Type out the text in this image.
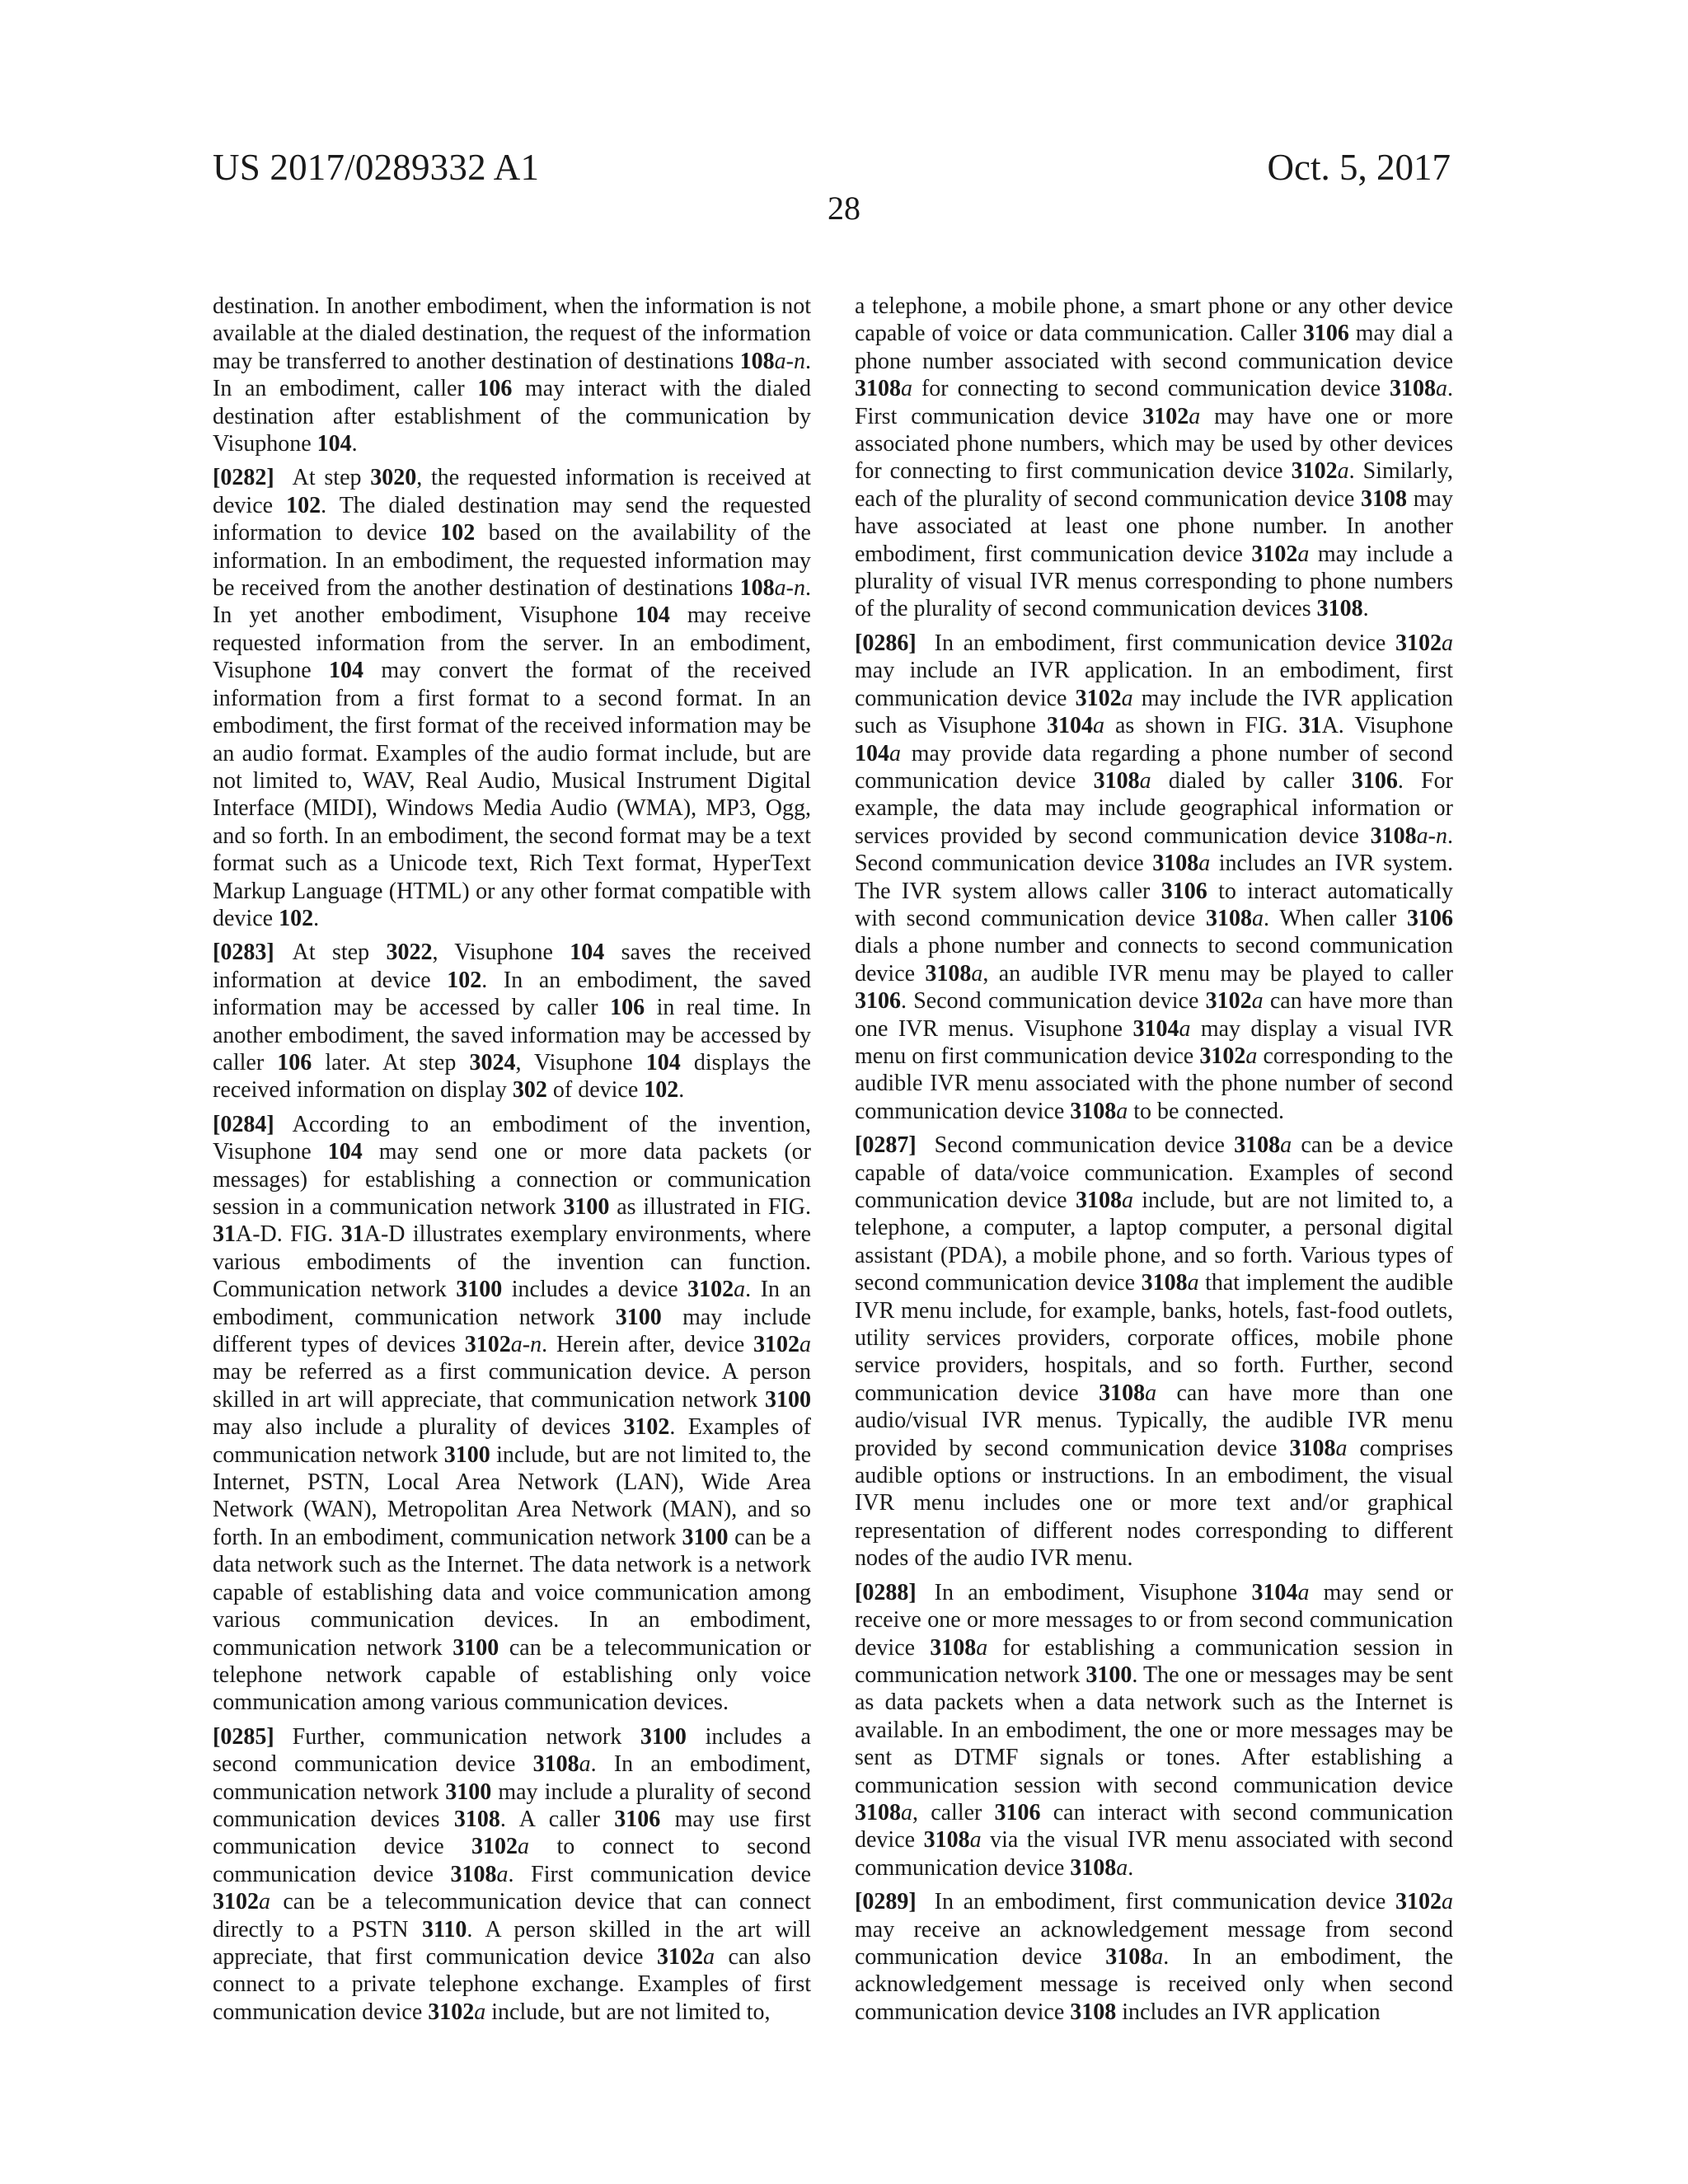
US 2017/0289332 A1	Oct. 5, 2017
28

destination. In another embodiment, when the information is not available at the dialed destination, the request of the information may be transferred to another destination of destinations 108a-n. In an embodiment, caller 106 may interact with the dialed destination after establishment of the communication by Visuphone 104.

[0282] At step 3020, the requested information is received at device 102. The dialed destination may send the requested information to device 102 based on the availability of the information. In an embodiment, the requested information may be received from the another destination of destinations 108a-n. In yet another embodiment, Visuphone 104 may receive requested information from the server. In an embodiment, Visuphone 104 may convert the format of the received information from a first format to a second format. In an embodiment, the first format of the received information may be an audio format. Examples of the audio format include, but are not limited to, WAV, Real Audio, Musical Instrument Digital Interface (MIDI), Windows Media Audio (WMA), MP3, Ogg, and so forth. In an embodiment, the second format may be a text format such as a Unicode text, Rich Text format, HyperText Markup Language (HTML) or any other format compatible with device 102.

[0283] At step 3022, Visuphone 104 saves the received information at device 102. In an embodiment, the saved information may be accessed by caller 106 in real time. In another embodiment, the saved information may be accessed by caller 106 later. At step 3024, Visuphone 104 displays the received information on display 302 of device 102.

[0284] According to an embodiment of the invention, Visuphone 104 may send one or more data packets (or messages) for establishing a connection or communication session in a communication network 3100 as illustrated in FIG. 31A-D. FIG. 31A-D illustrates exemplary environments, where various embodiments of the invention can function. Communication network 3100 includes a device 3102a. In an embodiment, communication network 3100 may include different types of devices 3102a-n. Herein after, device 3102a may be referred as a first communication device. A person skilled in art will appreciate, that communication network 3100 may also include a plurality of devices 3102. Examples of communication network 3100 include, but are not limited to, the Internet, PSTN, Local Area Network (LAN), Wide Area Network (WAN), Metropolitan Area Network (MAN), and so forth. In an embodiment, communication network 3100 can be a data network such as the Internet. The data network is a network capable of establishing data and voice communication among various communication devices. In an embodiment, communication network 3100 can be a telecommunication or telephone network capable of establishing only voice communication among various communication devices.

[0285] Further, communication network 3100 includes a second communication device 3108a. In an embodiment, communication network 3100 may include a plurality of second communication devices 3108. A caller 3106 may use first communication device 3102a to connect to second communication device 3108a. First communication device 3102a can be a telecommunication device that can connect directly to a PSTN 3110. A person skilled in the art will appreciate, that first communication device 3102a can also connect to a private telephone exchange. Examples of first communication device 3102a include, but are not limited to,

a telephone, a mobile phone, a smart phone or any other device capable of voice or data communication. Caller 3106 may dial a phone number associated with second communication device 3108a for connecting to second communication device 3108a. First communication device 3102a may have one or more associated phone numbers, which may be used by other devices for connecting to first communication device 3102a. Similarly, each of the plurality of second communication device 3108 may have associated at least one phone number. In another embodiment, first communication device 3102a may include a plurality of visual IVR menus corresponding to phone numbers of the plurality of second communication devices 3108.

[0286] In an embodiment, first communication device 3102a may include an IVR application. In an embodiment, first communication device 3102a may include the IVR application such as Visuphone 3104a as shown in FIG. 31A. Visuphone 104a may provide data regarding a phone number of second communication device 3108a dialed by caller 3106. For example, the data may include geographical information or services provided by second communication device 3108a-n. Second communication device 3108a includes an IVR system. The IVR system allows caller 3106 to interact automatically with second communication device 3108a. When caller 3106 dials a phone number and connects to second communication device 3108a, an audible IVR menu may be played to caller 3106. Second communication device 3102a can have more than one IVR menus. Visuphone 3104a may display a visual IVR menu on first communication device 3102a corresponding to the audible IVR menu associated with the phone number of second communication device 3108a to be connected.

[0287] Second communication device 3108a can be a device capable of data/voice communication. Examples of second communication device 3108a include, but are not limited to, a telephone, a computer, a laptop computer, a personal digital assistant (PDA), a mobile phone, and so forth. Various types of second communication device 3108a that implement the audible IVR menu include, for example, banks, hotels, fast-food outlets, utility services providers, corporate offices, mobile phone service providers, hospitals, and so forth. Further, second communication device 3108a can have more than one audio/visual IVR menus. Typically, the audible IVR menu provided by second communication device 3108a comprises audible options or instructions. In an embodiment, the visual IVR menu includes one or more text and/or graphical representation of different nodes corresponding to different nodes of the audio IVR menu.

[0288] In an embodiment, Visuphone 3104a may send or receive one or more messages to or from second communication device 3108a for establishing a communication session in communication network 3100. The one or messages may be sent as data packets when a data network such as the Internet is available. In an embodiment, the one or more messages may be sent as DTMF signals or tones. After establishing a communication session with second communication device 3108a, caller 3106 can interact with second communication device 3108a via the visual IVR menu associated with second communication device 3108a.

[0289] In an embodiment, first communication device 3102a may receive an acknowledgement message from second communication device 3108a. In an embodiment, the acknowledgement message is received only when second communication device 3108 includes an IVR application
